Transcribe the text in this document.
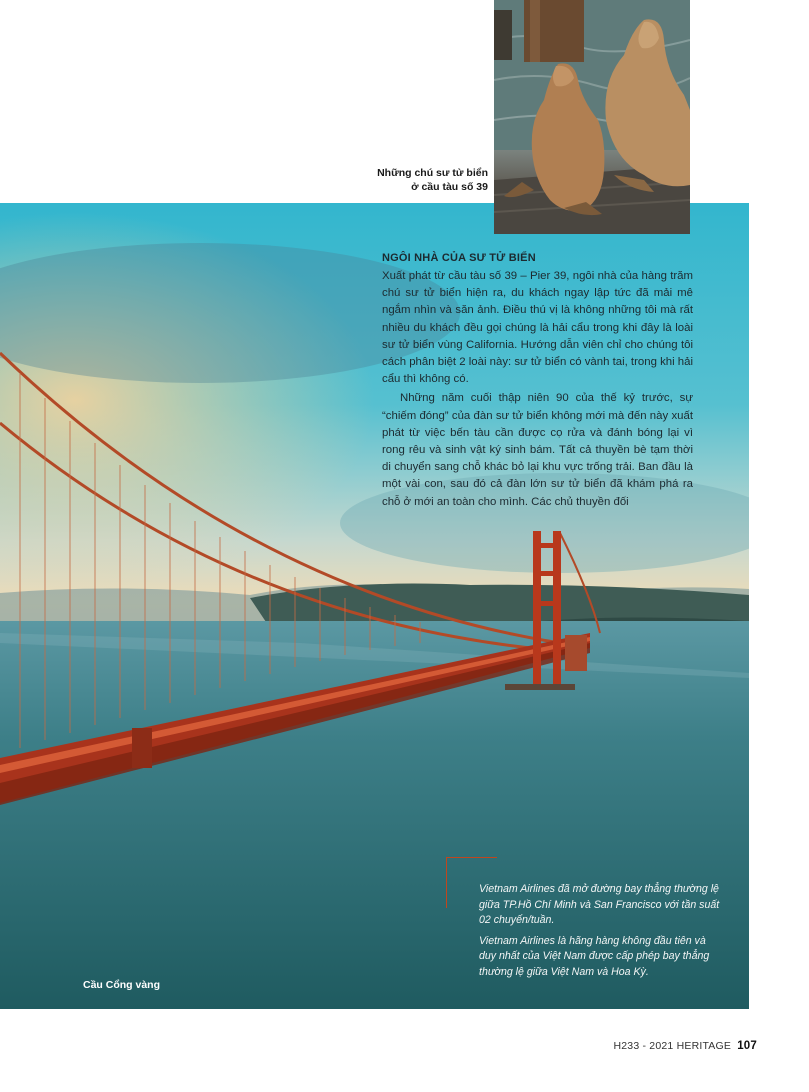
Những chú sư tử biển
ở cầu tàu số 39
NGÔI NHÀ CỦA SƯ TỬ BIỂN

Xuất phát từ cầu tàu số 39 – Pier 39, ngôi nhà của hàng trăm chú sư tử biển hiện ra, du khách ngay lập tức đã mải mê ngắm nhìn và săn ảnh. Điều thú vị là không những tôi mà rất nhiều du khách đều gọi chúng là hải cẩu trong khi đây là loài sư tử biển vùng California. Hướng dẫn viên chỉ cho chúng tôi cách phân biệt 2 loài này: sư tử biển có vành tai, trong khi hải cẩu thì không có.

Những năm cuối thập niên 90 của thế kỷ trước, sự “chiếm đóng” của đàn sư tử biển không mới mà đến này xuất phát từ việc bến tàu cần được cọ rửa và đánh bóng lại vì rong rêu và sinh vật ký sinh bám. Tất cả thuyền bè tạm thời di chuyển sang chỗ khác bỏ lại khu vực trống trải. Ban đầu là một vài con, sau đó cả đàn lớn sư tử biển đã khám phá ra chỗ ở mới an toàn cho mình. Các chủ thuyền đối

Vietnam Airlines đã mở đường bay thẳng thường lệ giữa TP.Hồ Chí Minh và San Francisco với tần suất 02 chuyến/tuần.

Vietnam Airlines là hãng hàng không đầu tiên và duy nhất của Việt Nam được cấp phép bay thẳng thường lệ giữa Việt Nam và Hoa Kỳ.

Cầu Cổng vàng
H233 - 2021 HERITAGE 107
